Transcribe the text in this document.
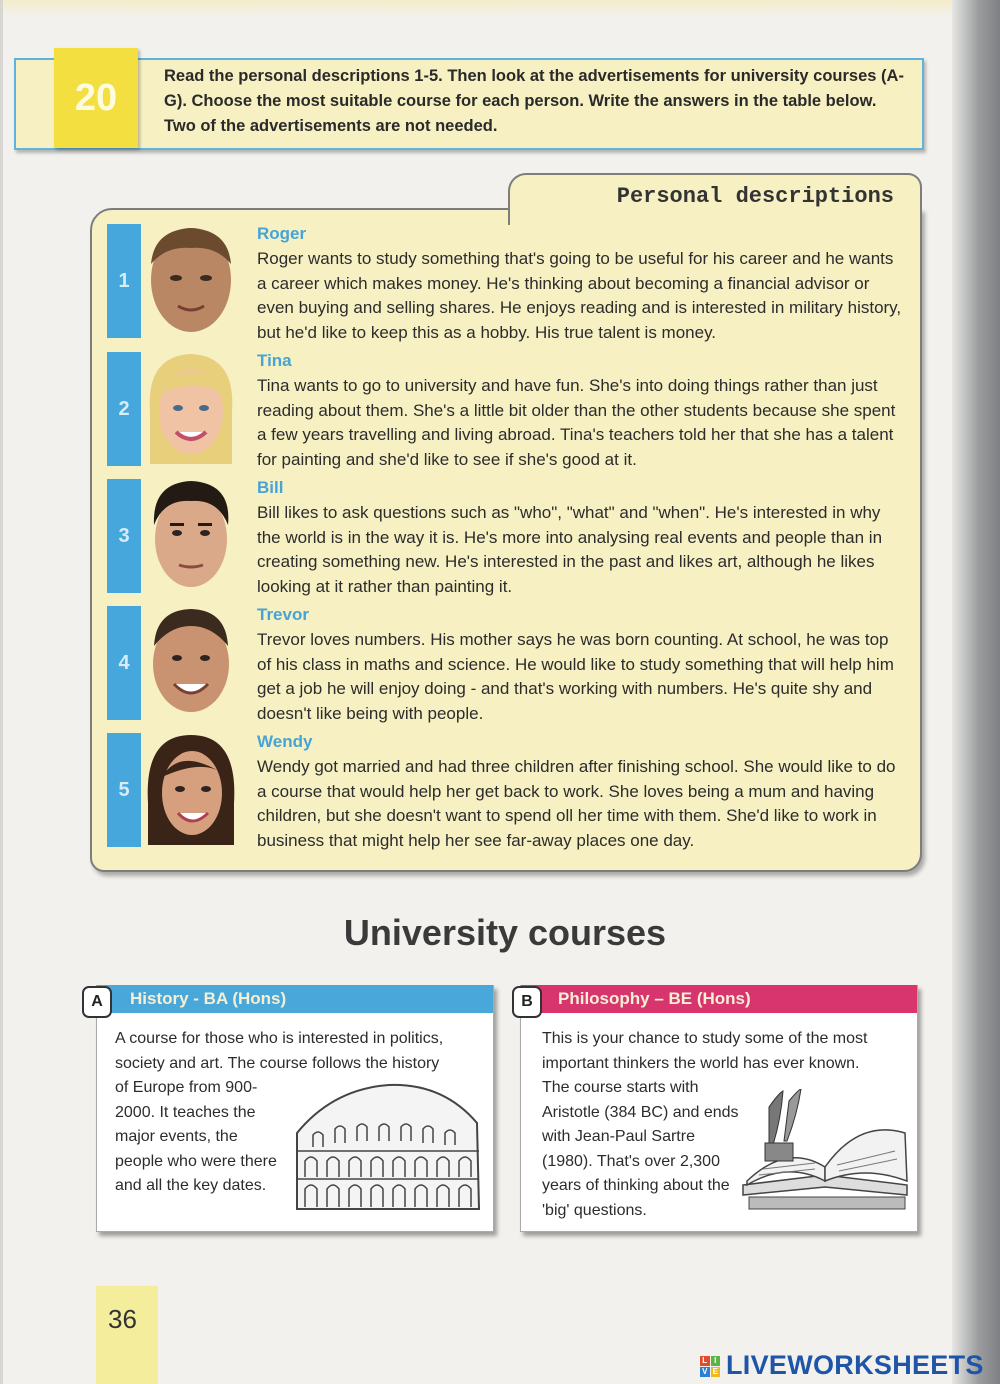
20
Read the personal descriptions 1-5. Then look at the advertisements for university courses (A-G). Choose the most suitable course for each person. Write the answers in the table below. Two of the advertisements are not needed.
Personal descriptions
1
Roger
Roger wants to study something that's going to be useful for his career and he wants a career which makes money. He's thinking about becoming a financial advisor or even buying and selling shares. He enjoys reading and is interested in military history, but he'd like to keep this as a hobby. His true talent is money.
2
Tina
Tina wants to go to university and have fun. She's into doing things rather than just reading about them. She's a little bit older than the other students because she spent a few years travelling and living abroad. Tina's teachers told her that she has a talent for painting and she'd like to see if she's good at it.
3
Bill
Bill likes to ask questions such as "who", "what" and "when". He's interested in why the world is in the way it is. He's more into analysing real events and people than in creating something new. He's interested in the past and likes art, although he likes looking at it rather than painting it.
4
Trevor
Trevor loves numbers. His mother says he was born counting. At school, he was top of his class in maths and science. He would like to study something that will help him get a job he will enjoy doing - and that's working with numbers. He's quite shy and doesn't like being with people.
5
Wendy
Wendy got married and had three children after finishing school. She would like to do a course that would help her get back to work. She loves being a mum and having children, but she doesn't want to spend oll her time with them. She'd like to work in business that might help her see far-away places one day.
University courses
A course for those who is interested in politics, society and art. The course follows the history
of Europe from 900-2000. It teaches the major events, the people who were there and all the key dates.
A	History - BA (Hons)
This is your chance to study some of the most important thinkers the world has ever known.
The course starts with Aristotle (384 BC) and ends with Jean-Paul Sartre (1980). That's over 2,300 years of thinking about the 'big' questions.
B	Philosophy – BE (Hons)
36
L I
V E LIVEWORKSHEETS
